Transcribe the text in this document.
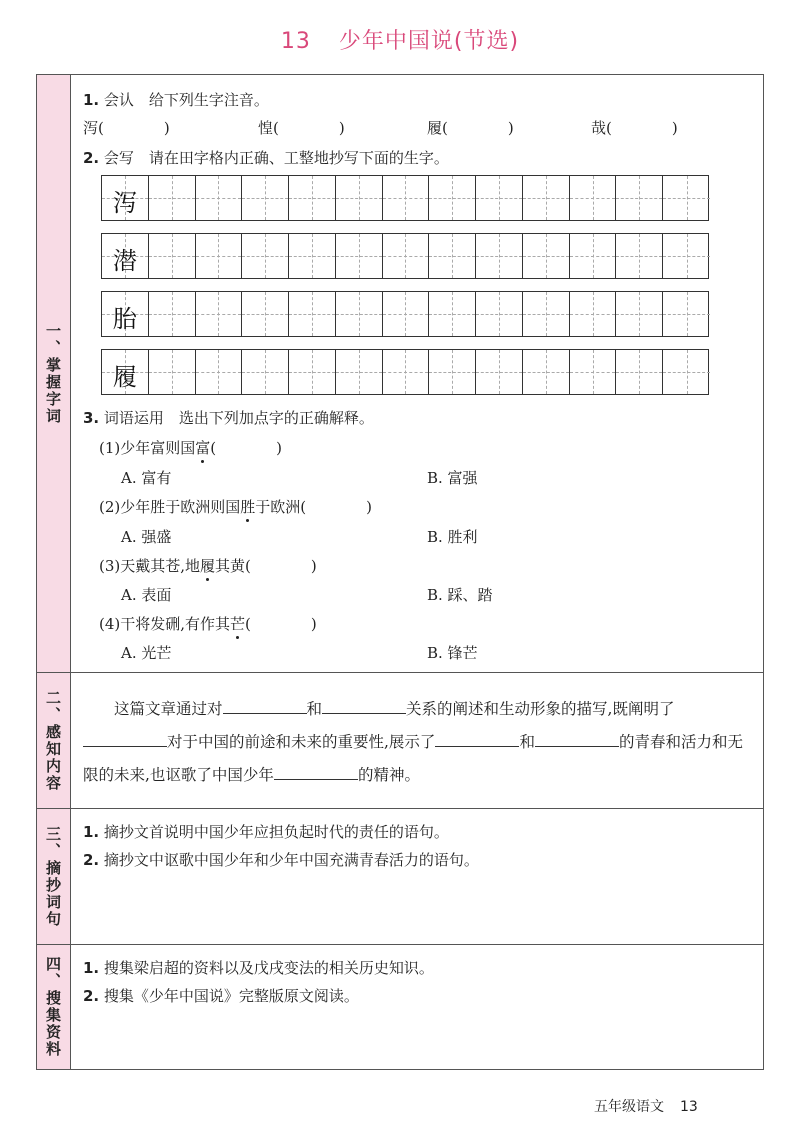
13 少年中国说(节选)
一、掌握字词
1. 会认　给下列生字注音。
泻(　　　　)	惶(　　　　)	履(　　　　)	哉(　　　　)
2. 会写　请在田字格内正确、工整地抄写下面的生字。
泻
潜
胎
履
3. 词语运用　选出下列加点字的正确解释。
(1)少年富则国富(　　　　)
A. 富有	B. 富强
(2)少年胜于欧洲则国胜于欧洲(　　　　)
A. 强盛	B. 胜利
(3)天戴其苍,地履其黄(　　　　)
A. 表面	B. 踩、踏
(4)干将发硎,有作其芒(　　　　)
A. 光芒	B. 锋芒
二、感知内容	这篇文章通过对	和	关系的阐述和生动形象的描写,既阐明了对于中国的前途和未来的重要性,展示了	和	的青春和活力和无限的未来,也讴歌了中国少年	的精神。
三、摘抄词句 1. 摘抄文首说明中国少年应担负起时代的责任的语句。
2. 摘抄文中讴歌中国少年和少年中国充满青春活力的语句。
四、搜集资料 1. 搜集梁启超的资料以及戊戌变法的相关历史知识。
2. 搜集《少年中国说》完整版原文阅读。
五年级语文 13
